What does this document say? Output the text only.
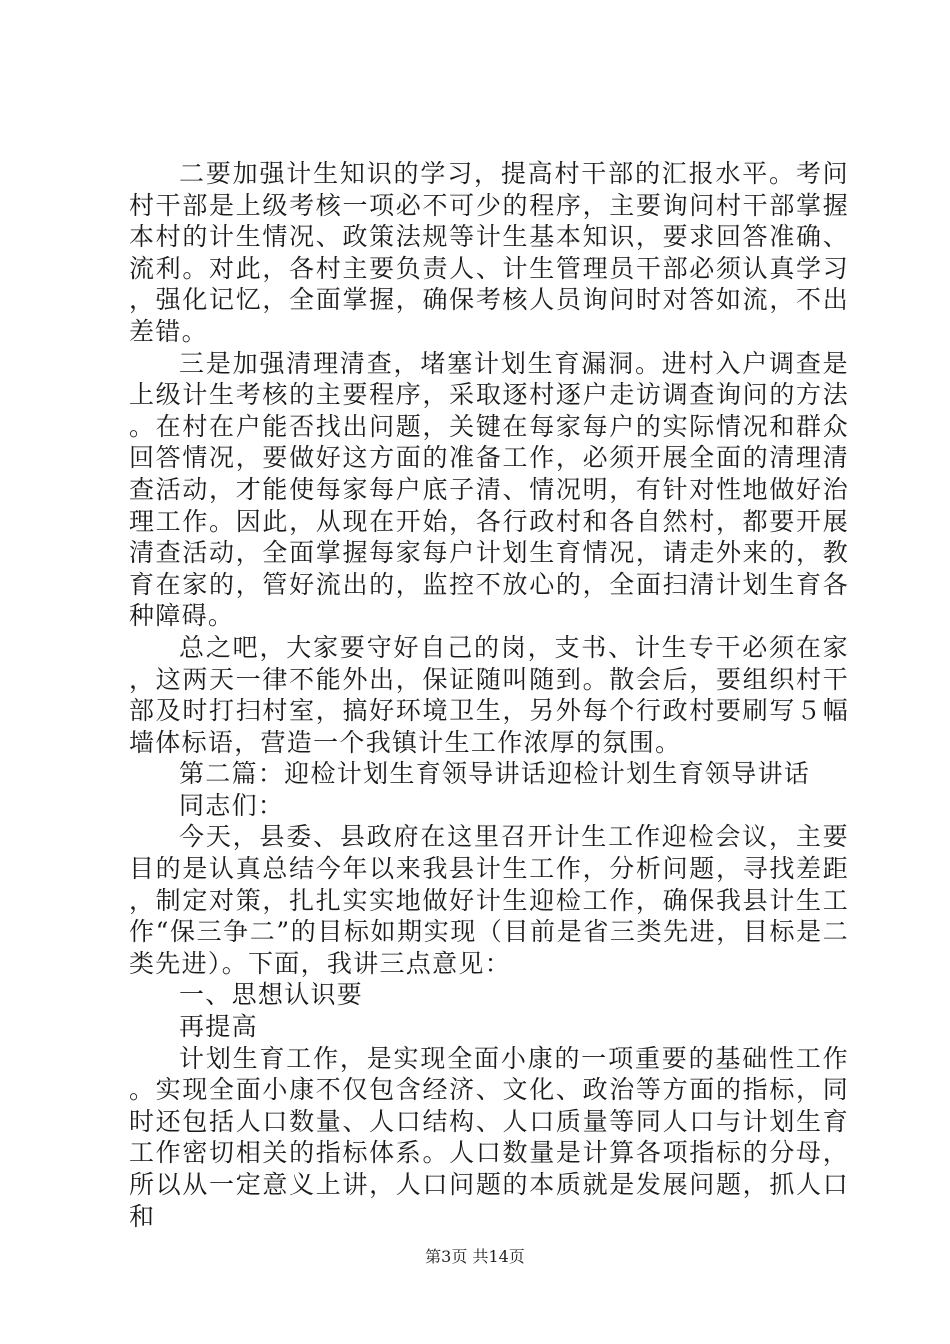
二要加强计生知识的学习，提高村干部的汇报水平。考问村干部是上级考核一项必不可少的程序，主要询问村干部掌握本村的计生情况、政策法规等计生基本知识，要求回答准确、流利。对此，各村主要负责人、计生管理员干部必须认真学习，强化记忆，全面掌握，确保考核人员询问时对答如流，不出差错。

三是加强清理清查，堵塞计划生育漏洞。进村入户调查是上级计生考核的主要程序，采取逐村逐户走访调查询问的方法。在村在户能否找出问题，关键在每家每户的实际情况和群众回答情况，要做好这方面的准备工作，必须开展全面的清理清查活动，才能使每家每户底子清、情况明，有针对性地做好治理工作。因此，从现在开始，各行政村和各自然村，都要开展清查活动，全面掌握每家每户计划生育情况，请走外来的，教育在家的，管好流出的，监控不放心的，全面扫清计划生育各种障碍。

总之吧，大家要守好自己的岗，支书、计生专干必须在家，这两天一律不能外出，保证随叫随到。散会后，要组织村干部及时打扫村室，搞好环境卫生，另外每个行政村要刷写５幅墙体标语，营造一个我镇计生工作浓厚的氛围。

第二篇：迎检计划生育领导讲话迎检计划生育领导讲话

同志们：

今天，县委、县政府在这里召开计生工作迎检会议，主要目的是认真总结今年以来我县计生工作，分析问题，寻找差距，制定对策，扎扎实实地做好计生迎检工作，确保我县计生工作“保三争二”的目标如期实现（目前是省三类先进，目标是二类先进）。下面，我讲三点意见：

一、思想认识要

再提高

计划生育工作，是实现全面小康的一项重要的基础性工作。实现全面小康不仅包含经济、文化、政治等方面的指标，同时还包括人口数量、人口结构、人口质量等同人口与计划生育工作密切相关的指标体系。人口数量是计算各项指标的分母，所以从一定意义上讲，人口问题的本质就是发展问题，抓人口和

第3页 共14页
